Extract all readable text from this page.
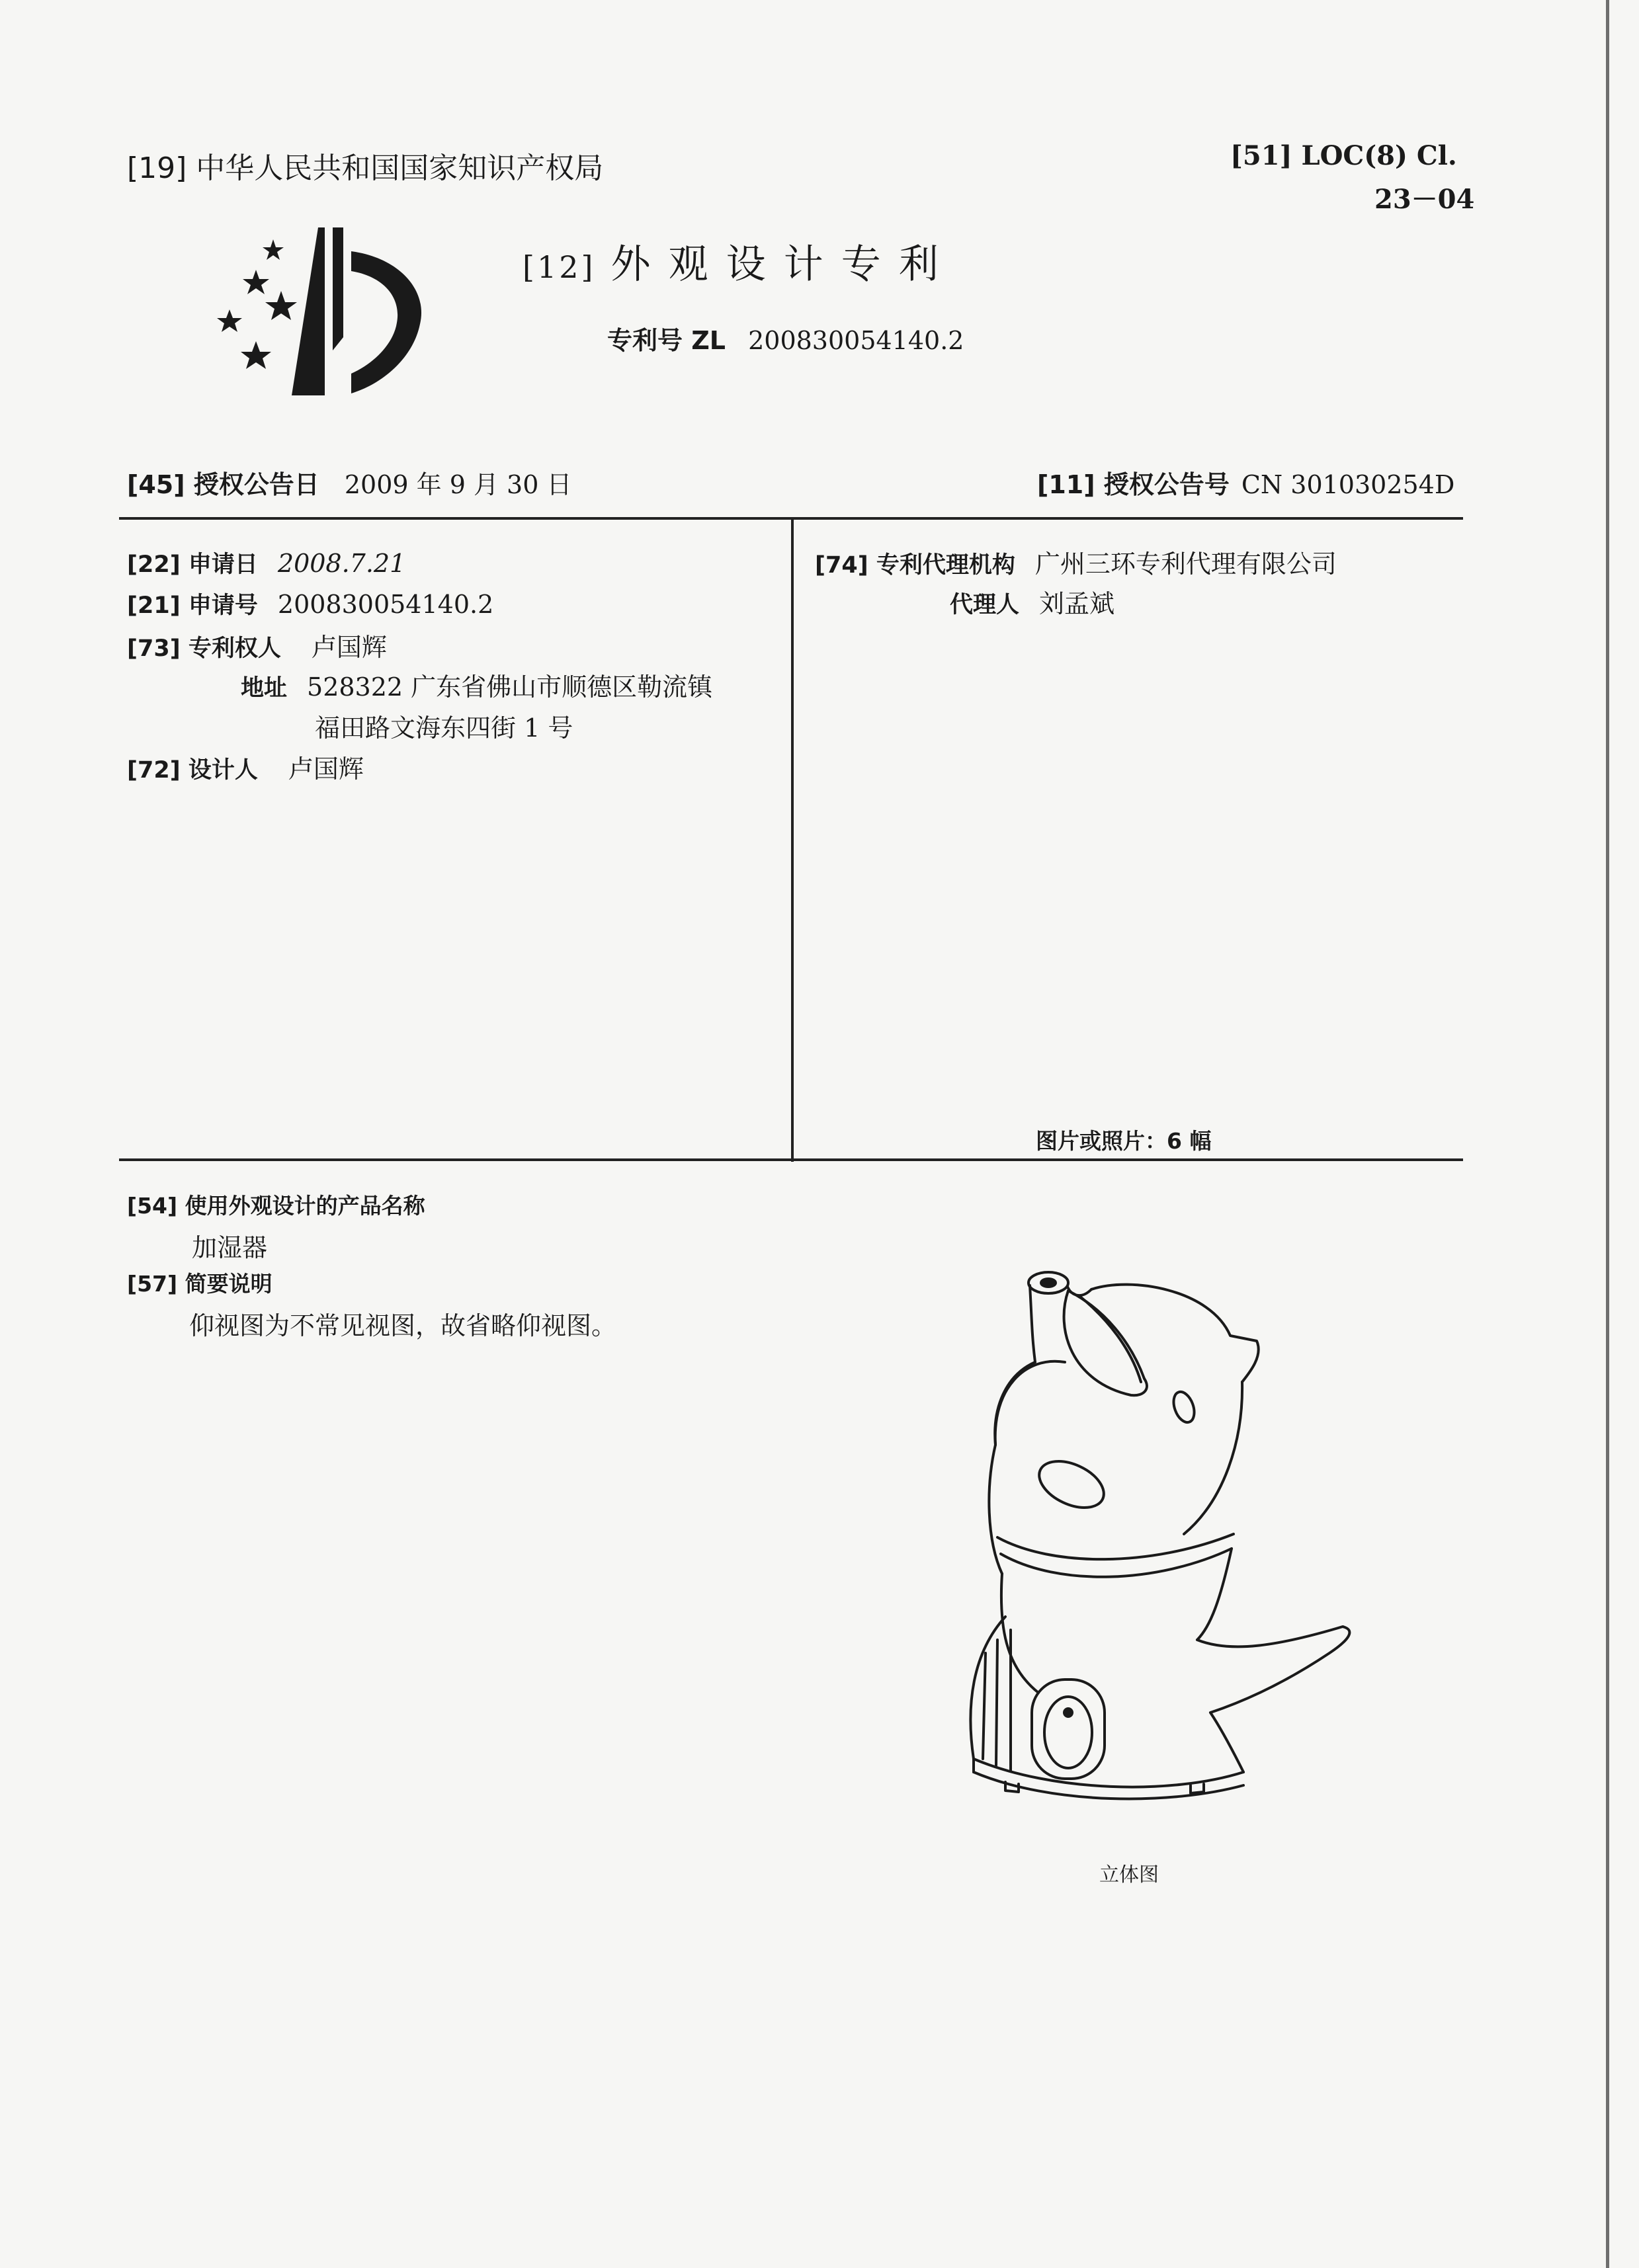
[19] 中华人民共和国国家知识产权局	[51] LOC(8) Cl.
23－04
[12] 外 观 设 计 专 利
专利号 ZL 200830054140.2
[45] 授权公告日 2009 年 9 月 30 日	[11] 授权公告号 CN 301030254D
[22] 申请日 2008.7.21
[21] 申请号 200830054140.2
[73] 专利权人 卢国辉
地址 528322 广东省佛山市顺德区勒流镇
福田路文海东四街 1 号
[72] 设计人 卢国辉
[74] 专利代理机构 广州三环专利代理有限公司
代理人 刘孟斌
图片或照片：6 幅
[54] 使用外观设计的产品名称
加湿器
[57] 简要说明
仰视图为不常见视图，故省略仰视图。
立体图
